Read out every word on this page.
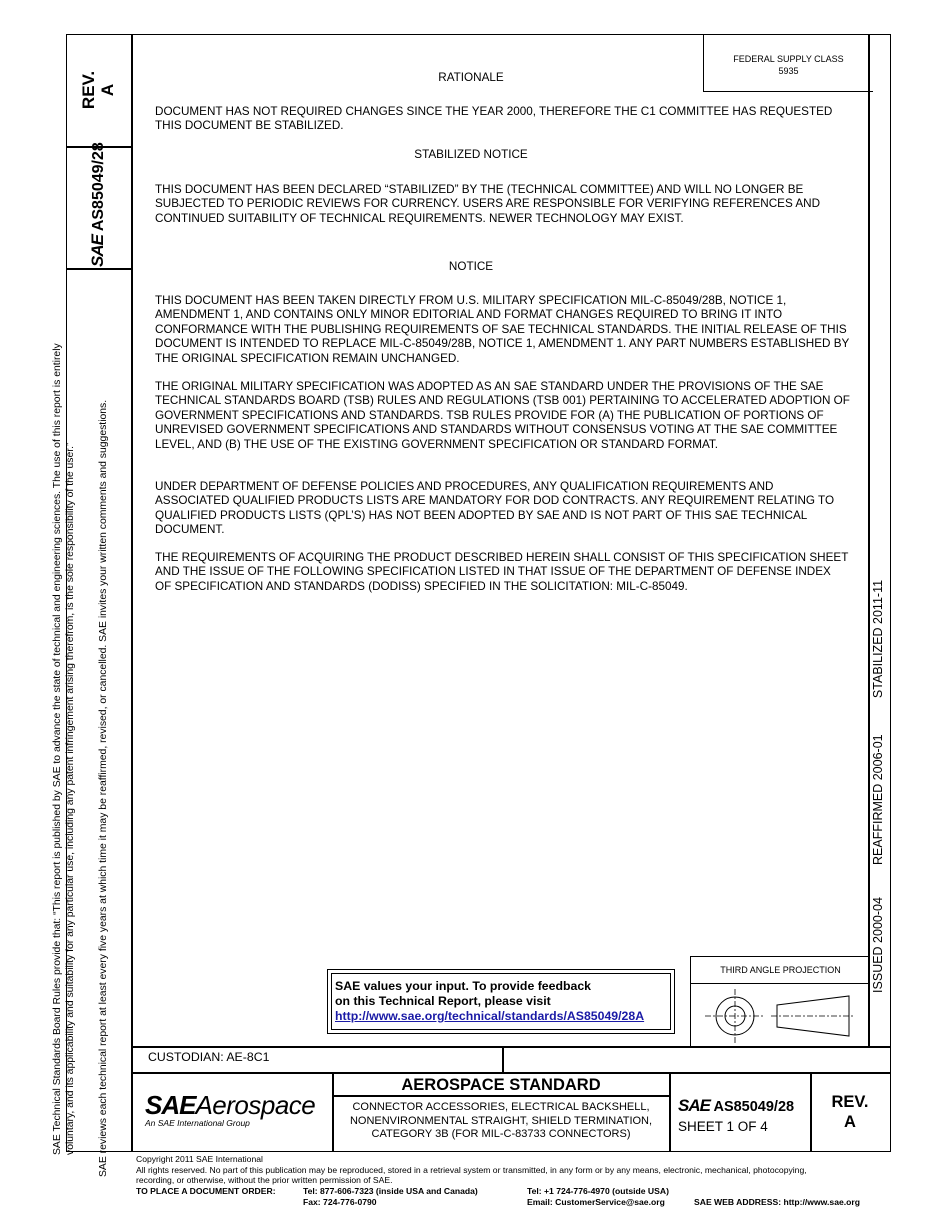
SAE Technical Standards Board Rules provide that: “This report is published by SAE to advance the state of technical and engineering sciences. The use of this report is entirely voluntary, and its applicability and suitability for any particular use, including any patent infringement arising therefrom, is the sole responsibility of the user.” SAE reviews each technical report at least every five years at which time it may be reaffirmed, revised, or cancelled. SAE invites your written comments and suggestions.
REV. A
SAE AS85049/28
FEDERAL SUPPLY CLASS
5935
STABILIZED 2011-11
REAFFIRMED 2006-01
ISSUED 2000-04
RATIONALE
DOCUMENT HAS NOT REQUIRED CHANGES SINCE THE YEAR 2000, THEREFORE THE C1 COMMITTEE HAS REQUESTED THIS DOCUMENT BE STABILIZED.
STABILIZED NOTICE
THIS DOCUMENT HAS BEEN DECLARED “STABILIZED” BY THE (TECHNICAL COMMITTEE) AND WILL NO LONGER BE SUBJECTED TO PERIODIC REVIEWS FOR CURRENCY. USERS ARE RESPONSIBLE FOR VERIFYING REFERENCES AND CONTINUED SUITABILITY OF TECHNICAL REQUIREMENTS. NEWER TECHNOLOGY MAY EXIST.
NOTICE
THIS DOCUMENT HAS BEEN TAKEN DIRECTLY FROM U.S. MILITARY SPECIFICATION MIL-C-85049/28B, NOTICE 1, AMENDMENT 1, AND CONTAINS ONLY MINOR EDITORIAL AND FORMAT CHANGES REQUIRED TO BRING IT INTO CONFORMANCE WITH THE PUBLISHING REQUIREMENTS OF SAE TECHNICAL STANDARDS. THE INITIAL RELEASE OF THIS DOCUMENT IS INTENDED TO REPLACE MIL-C-85049/28B, NOTICE 1, AMENDMENT 1. ANY PART NUMBERS ESTABLISHED BY THE ORIGINAL SPECIFICATION REMAIN UNCHANGED.
THE ORIGINAL MILITARY SPECIFICATION WAS ADOPTED AS AN SAE STANDARD UNDER THE PROVISIONS OF THE SAE TECHNICAL STANDARDS BOARD (TSB) RULES AND REGULATIONS (TSB 001) PERTAINING TO ACCELERATED ADOPTION OF GOVERNMENT SPECIFICATIONS AND STANDARDS. TSB RULES PROVIDE FOR (A) THE PUBLICATION OF PORTIONS OF UNREVISED GOVERNMENT SPECIFICATIONS AND STANDARDS WITHOUT CONSENSUS VOTING AT THE SAE COMMITTEE LEVEL, AND (B) THE USE OF THE EXISTING GOVERNMENT SPECIFICATION OR STANDARD FORMAT.
UNDER DEPARTMENT OF DEFENSE POLICIES AND PROCEDURES, ANY QUALIFICATION REQUIREMENTS AND ASSOCIATED QUALIFIED PRODUCTS LISTS ARE MANDATORY FOR DOD CONTRACTS. ANY REQUIREMENT RELATING TO QUALIFIED PRODUCTS LISTS (QPL’S) HAS NOT BEEN ADOPTED BY SAE AND IS NOT PART OF THIS SAE TECHNICAL DOCUMENT.
THE REQUIREMENTS OF ACQUIRING THE PRODUCT DESCRIBED HEREIN SHALL CONSIST OF THIS SPECIFICATION SHEET AND THE ISSUE OF THE FOLLOWING SPECIFICATION LISTED IN THAT ISSUE OF THE DEPARTMENT OF DEFENSE INDEX OF SPECIFICATION AND STANDARDS (DODISS) SPECIFIED IN THE SOLICITATION: MIL-C-85049.
SAE values your input. To provide feedback
on this Technical Report, please visit
http://www.sae.org/technical/standards/AS85049/28A
THIRD ANGLE PROJECTION
CUSTODIAN: AE-8C1
SAEAerospace
An SAE International Group
AEROSPACE STANDARD
CONNECTOR ACCESSORIES, ELECTRICAL BACKSHELL,
NONENVIRONMENTAL STRAIGHT, SHIELD TERMINATION,
CATEGORY 3B (FOR MIL-C-83733 CONNECTORS)
SAE AS85049/28
SHEET 1 OF 4
REV.
A
Copyright 2011 SAE International
All rights reserved. No part of this publication may be reproduced, stored in a retrieval system or transmitted, in any form or by any means, electronic, mechanical, photocopying,
recording, or otherwise, without the prior written permission of SAE.
TO PLACE A DOCUMENT ORDER:	Tel: 877-606-7323 (inside USA and Canada)
Fax: 724-776-0790
Tel: +1 724-776-4970 (outside USA)
Email: CustomerService@sae.org	SAE WEB ADDRESS: http://www.sae.org
